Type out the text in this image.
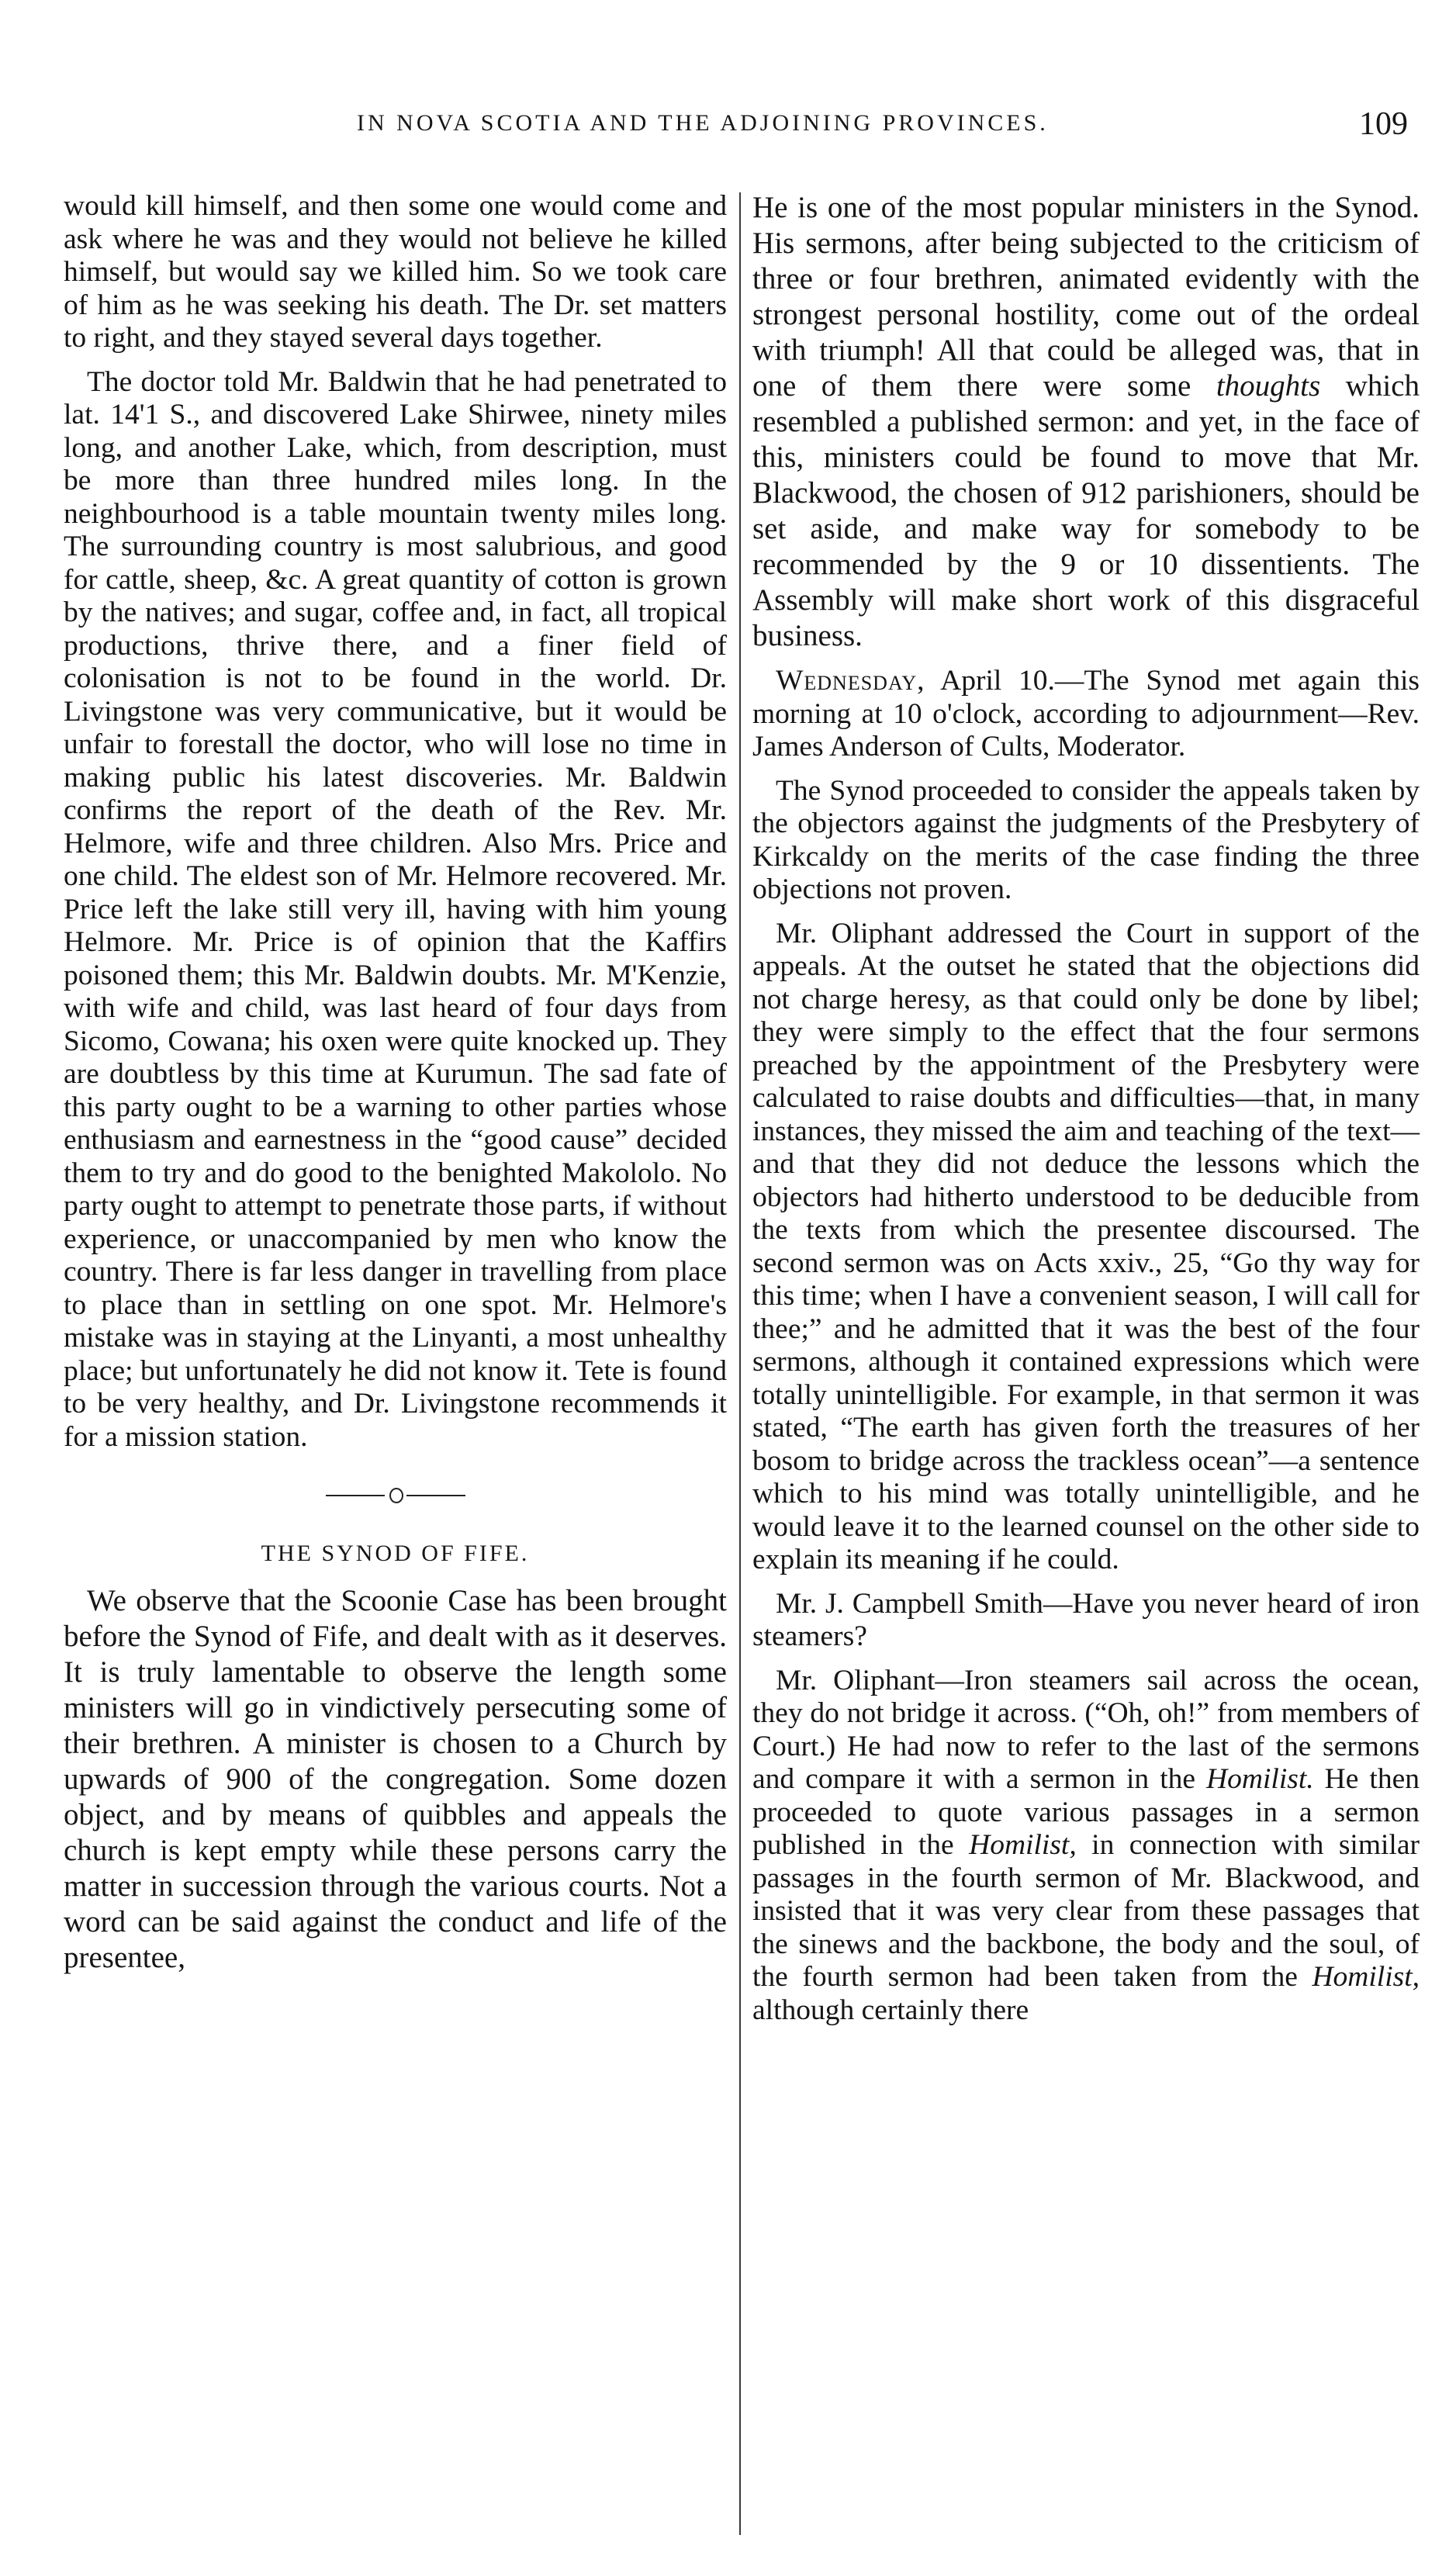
IN NOVA SCOTIA AND THE ADJOINING PROVINCES.	109

would kill himself, and then some one would come and ask where he was and they would not believe he killed himself, but would say we killed him. So we took care of him as he was seeking his death. The Dr. set matters to right, and they stayed several days together.

The doctor told Mr. Baldwin that he had penetrated to lat. 14'1 S., and discovered Lake Shirwee, ninety miles long, and another Lake, which, from description, must be more than three hundred miles long. In the neighbourhood is a table mountain twenty miles long. The surrounding country is most salubrious, and good for cattle, sheep, &c. A great quantity of cotton is grown by the natives; and sugar, coffee and, in fact, all tropical productions, thrive there, and a finer field of colonisation is not to be found in the world. Dr. Livingstone was very communicative, but it would be unfair to forestall the doctor, who will lose no time in making public his latest discoveries. Mr. Baldwin confirms the report of the death of the Rev. Mr. Helmore, wife and three children. Also Mrs. Price and one child. The eldest son of Mr. Helmore recovered. Mr. Price left the lake still very ill, having with him young Helmore. Mr. Price is of opinion that the Kaffirs poisoned them; this Mr. Baldwin doubts. Mr. M'Kenzie, with wife and child, was last heard of four days from Sicomo, Cowana; his oxen were quite knocked up. They are doubtless by this time at Kurumun. The sad fate of this party ought to be a warning to other parties whose enthusiasm and earnestness in the “good cause” decided them to try and do good to the benighted Makololo. No party ought to attempt to penetrate those parts, if without experience, or unaccompanied by men who know the country. There is far less danger in travelling from place to place than in settling on one spot. Mr. Helmore's mistake was in staying at the Linyanti, a most unhealthy place; but unfortunately he did not know it. Tete is found to be very healthy, and Dr. Livingstone recommends it for a mission station.

THE SYNOD OF FIFE.

We observe that the Scoonie Case has been brought before the Synod of Fife, and dealt with as it deserves. It is truly lamentable to observe the length some ministers will go in vindictively persecuting some of their brethren. A minister is chosen to a Church by upwards of 900 of the congregation. Some dozen object, and by means of quibbles and appeals the church is kept empty while these persons carry the matter in succession through the various courts. Not a word can be said against the conduct and life of the presentee,

He is one of the most popular ministers in the Synod. His sermons, after being subjected to the criticism of three or four brethren, animated evidently with the strongest personal hostility, come out of the ordeal with triumph! All that could be alleged was, that in one of them there were some thoughts which resembled a published sermon: and yet, in the face of this, ministers could be found to move that Mr. Blackwood, the chosen of 912 parishioners, should be set aside, and make way for somebody to be recommended by the 9 or 10 dissentients. The Assembly will make short work of this disgraceful business.

Wednesday, April 10.—The Synod met again this morning at 10 o'clock, according to adjournment—Rev. James Anderson of Cults, Moderator.

The Synod proceeded to consider the appeals taken by the objectors against the judgments of the Presbytery of Kirkcaldy on the merits of the case finding the three objections not proven.

Mr. Oliphant addressed the Court in support of the appeals. At the outset he stated that the objections did not charge heresy, as that could only be done by libel; they were simply to the effect that the four sermons preached by the appointment of the Presbytery were calculated to raise doubts and difficulties—that, in many instances, they missed the aim and teaching of the text—and that they did not deduce the lessons which the objectors had hitherto understood to be deducible from the texts from which the presentee discoursed. The second sermon was on Acts xxiv., 25, “Go thy way for this time; when I have a convenient season, I will call for thee;” and he admitted that it was the best of the four sermons, although it contained expressions which were totally unintelligible. For example, in that sermon it was stated, “The earth has given forth the treasures of her bosom to bridge across the trackless ocean”—a sentence which to his mind was totally unintelligible, and he would leave it to the learned counsel on the other side to explain its meaning if he could.

Mr. J. Campbell Smith—Have you never heard of iron steamers?

Mr. Oliphant—Iron steamers sail across the ocean, they do not bridge it across. (“Oh, oh!” from members of Court.) He had now to refer to the last of the sermons and compare it with a sermon in the Homilist. He then proceeded to quote various passages in a sermon published in the Homilist, in connection with similar passages in the fourth sermon of Mr. Blackwood, and insisted that it was very clear from these passages that the sinews and the backbone, the body and the soul, of the fourth sermon had been taken from the Homilist, although certainly there
